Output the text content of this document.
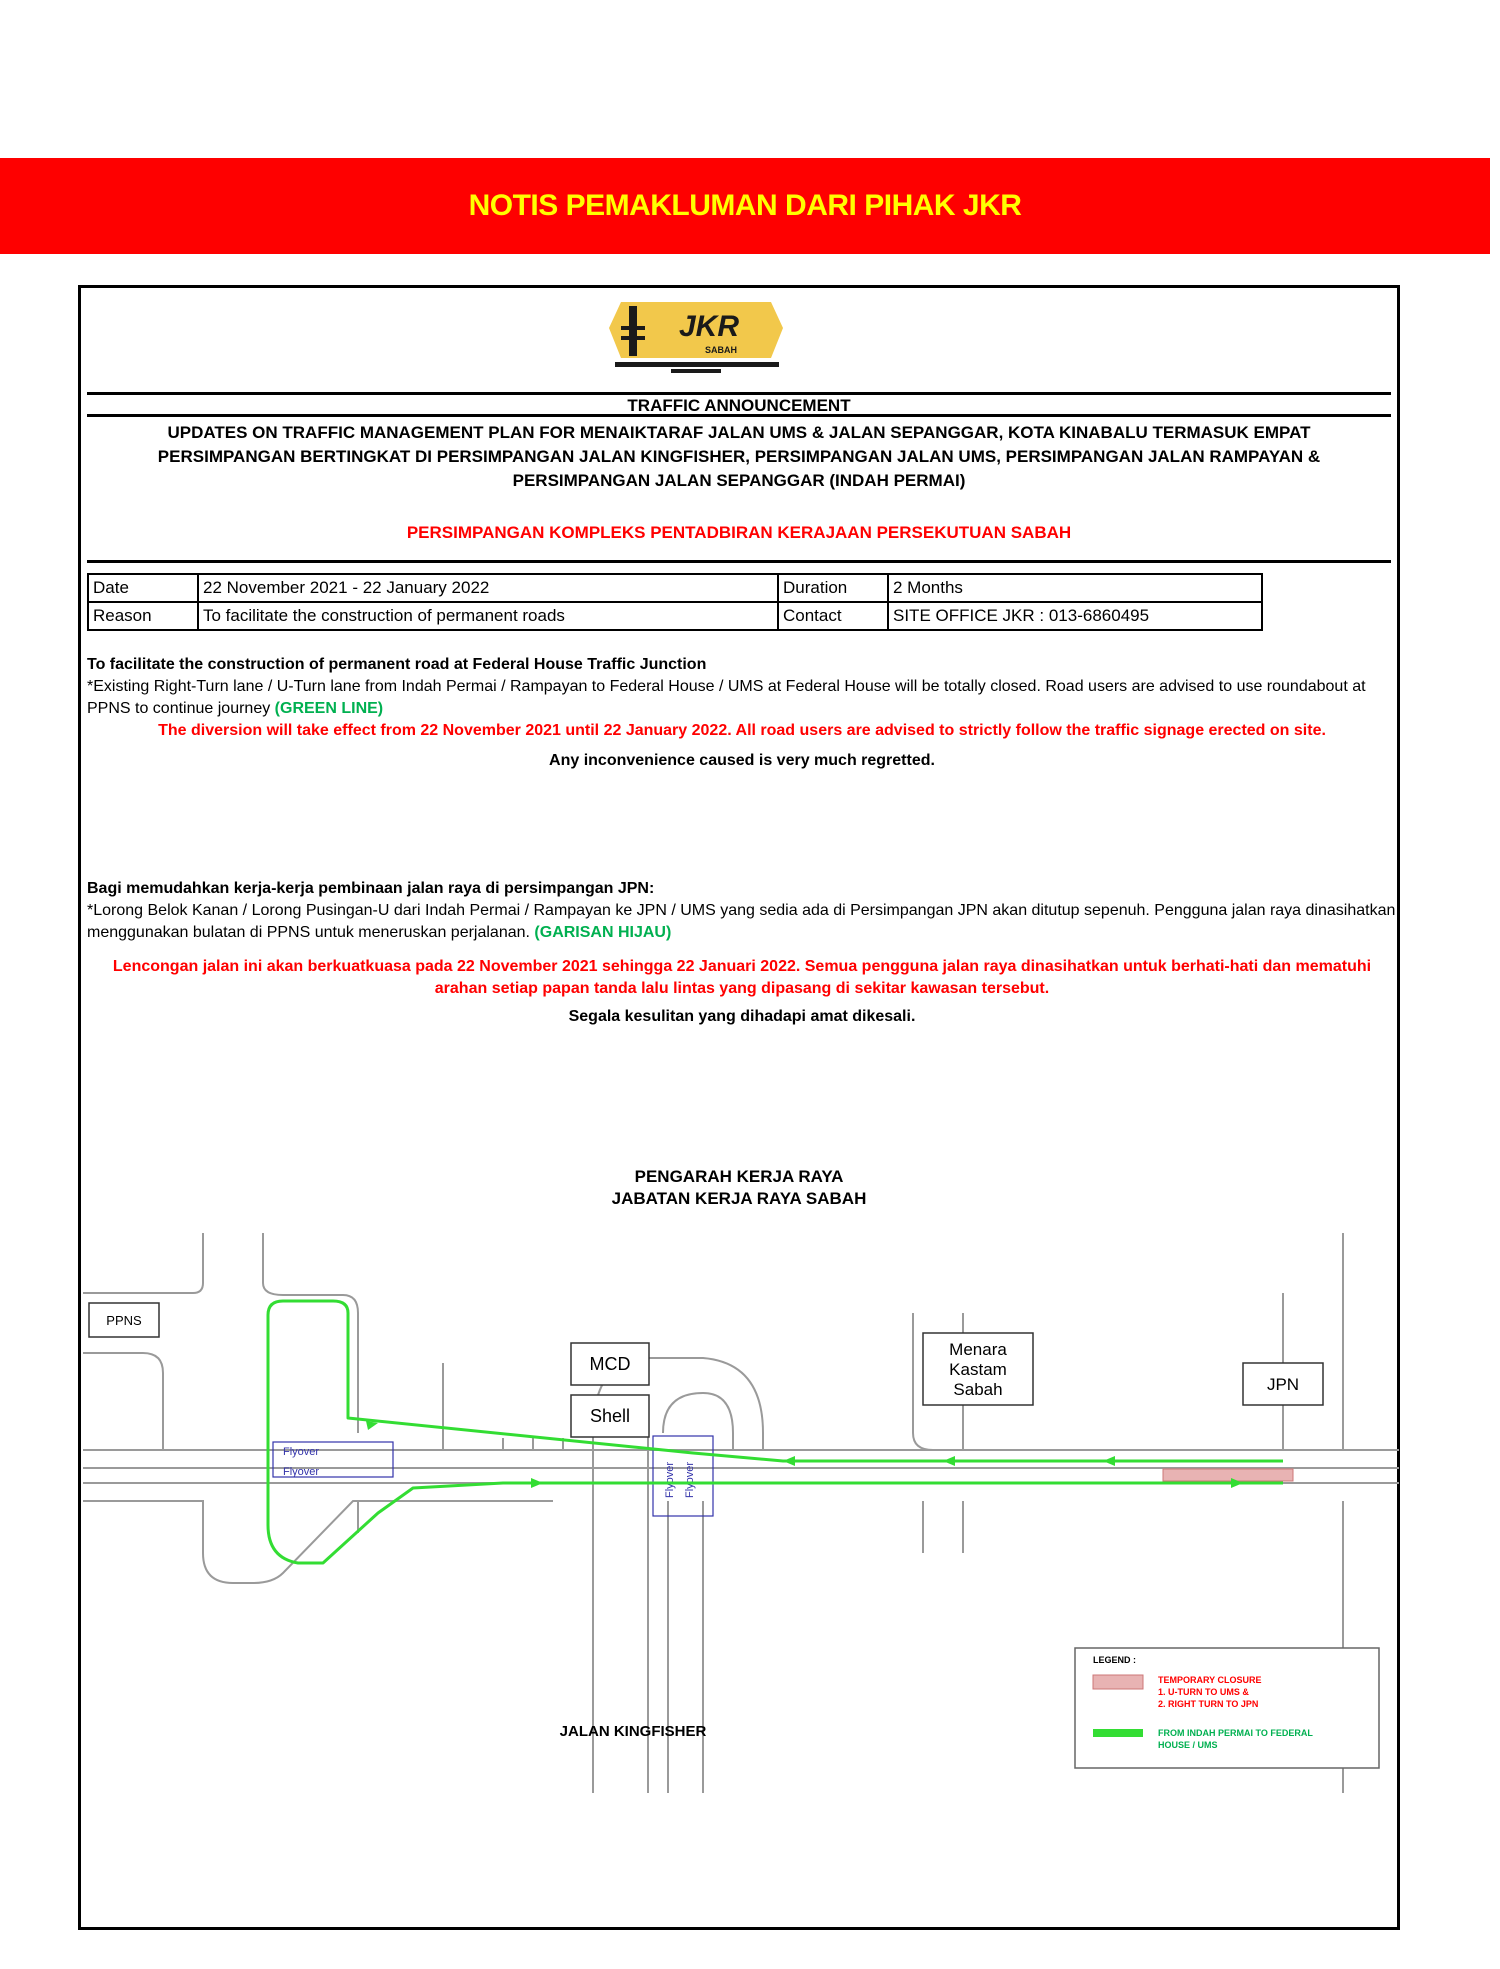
NOTIS PEMAKLUMAN DARI PIHAK JKR
JKR
SABAH
TRAFFIC ANNOUNCEMENT
UPDATES ON TRAFFIC MANAGEMENT PLAN FOR MENAIKTARAF JALAN UMS & JALAN SEPANGGAR, KOTA KINABALU TERMASUK EMPAT PERSIMPANGAN BERTINGKAT DI PERSIMPANGAN JALAN KINGFISHER, PERSIMPANGAN JALAN UMS, PERSIMPANGAN JALAN RAMPAYAN & PERSIMPANGAN JALAN SEPANGGAR (INDAH PERMAI)
PERSIMPANGAN KOMPLEKS PENTADBIRAN KERAJAAN PERSEKUTUAN SABAH
Date	22 November 2021 - 22 January 2022	Duration	2 Months
Reason	To facilitate the construction of permanent roads	Contact	SITE OFFICE JKR : 013-6860495
To facilitate the construction of permanent road at Federal House Traffic Junction
*Existing Right-Turn lane / U-Turn lane from Indah Permai / Rampayan to Federal House / UMS at Federal House will be totally closed. Road users are advised to use roundabout at PPNS to continue journey (GREEN LINE)
The diversion will take effect from 22 November 2021 until 22 January 2022. All road users are advised to strictly follow the traffic signage erected on site.
Any inconvenience caused is very much regretted.
Bagi memudahkan kerja-kerja pembinaan jalan raya di persimpangan JPN:
*Lorong Belok Kanan / Lorong Pusingan-U dari Indah Permai / Rampayan ke JPN / UMS yang sedia ada di Persimpangan JPN akan ditutup sepenuh. Pengguna jalan raya dinasihatkan menggunakan bulatan di PPNS untuk meneruskan perjalanan. (GARISAN HIJAU)
Lencongan jalan ini akan berkuatkuasa pada 22 November 2021 sehingga 22 Januari 2022. Semua pengguna jalan raya dinasihatkan untuk berhati-hati dan mematuhi arahan setiap papan tanda lalu lintas yang dipasang di sekitar kawasan tersebut.
Segala kesulitan yang dihadapi amat dikesali.
PENGARAH KERJA RAYA
JABATAN KERJA RAYA SABAH
Flyover
Flyover	Flyover Flyover
PPNS
MCD
Shell
Menara
Kastam
Sabah	JPN
JALAN KINGFISHER
LEGEND :
TEMPORARY CLOSURE
1. U-TURN TO UMS &
2. RIGHT TURN TO JPN
FROM INDAH PERMAI TO FEDERAL
HOUSE / UMS
